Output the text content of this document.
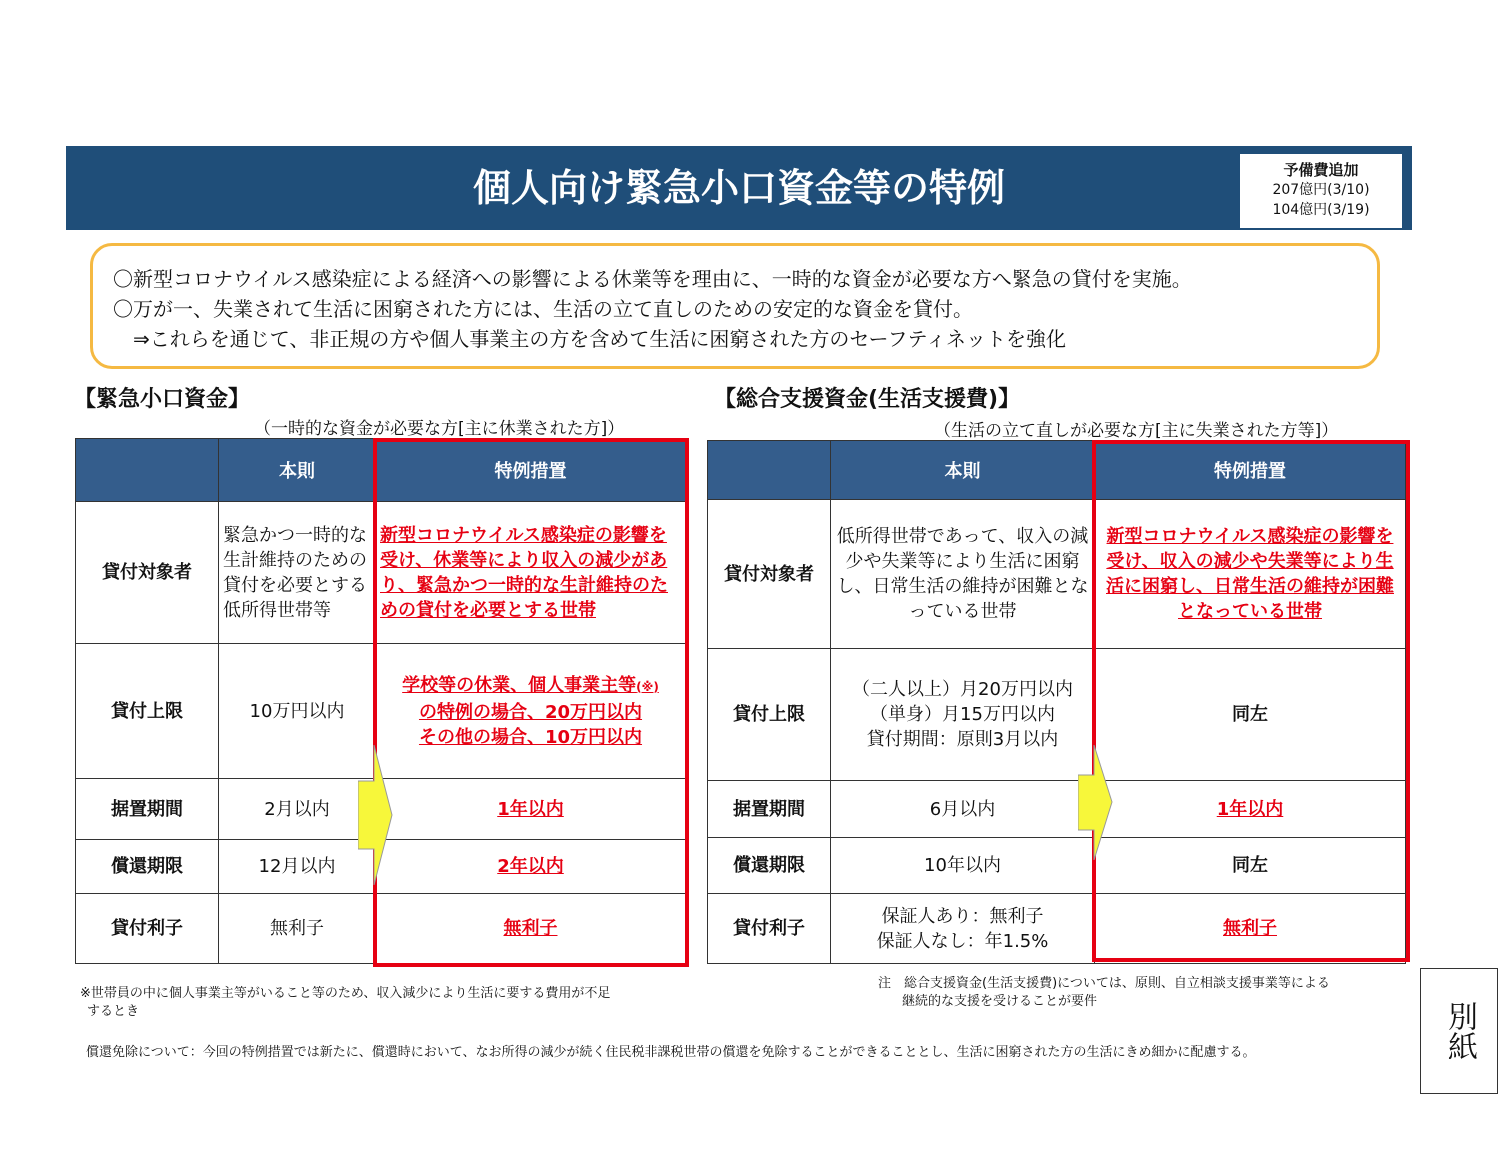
個人向け緊急小口資金等の特例	予備費追加
207億円(3/10)
104億円(3/19)
〇新型コロナウイルス感染症による経済への影響による休業等を理由に、一時的な資金が必要な方へ緊急の貸付を実施。
〇万が一、失業されて生活に困窮された方には、生活の立て直しのための安定的な資金を貸付。
　⇒これらを通じて、非正規の方や個人事業主の方を含めて生活に困窮された方のセーフティネットを強化
【緊急小口資金】
（一時的な資金が必要な方[主に休業された方]）
	本則	特例措置
貸付対象者	緊急かつ一時的な生計維持のための貸付を必要とする低所得世帯等	新型コロナウイルス感染症の影響を受け、休業等により収入の減少があり、緊急かつ一時的な生計維持のための貸付を必要とする世帯
貸付上限	10万円以内	学校等の休業、個人事業主等(※)
の特例の場合、20万円以内
その他の場合、10万円以内
据置期間	2月以内	1年以内
償還期限	12月以内	2年以内
貸付利子	無利子	無利子
【総合支援資金(生活支援費)】
（生活の立て直しが必要な方[主に失業された方等]）
	本則	特例措置
貸付対象者	低所得世帯であって、収入の減少や失業等により生活に困窮し、日常生活の維持が困難となっている世帯	新型コロナウイルス感染症の影響を受け、収入の減少や失業等により生活に困窮し、日常生活の維持が困難となっている世帯
貸付上限	（二人以上）月20万円以内
（単身）月15万円以内
貸付期間：原則3月以内	同左
据置期間	6月以内	1年以内
償還期限	10年以内	同左
貸付利子	保証人あり：無利子
保証人なし：年1.5%	無利子
※世帯員の中に個人事業主等がいること等のため、収入減少により生活に要する費用が不足
するとき
注　総合支援資金(生活支援費)については、原則、自立相談支援事業等による
継続的な支援を受けることが要件
償還免除について：今回の特例措置では新たに、償還時において、なお所得の減少が続く住民税非課税世帯の償還を免除することができることとし、生活に困窮された方の生活にきめ細かに配慮する。	別紙
